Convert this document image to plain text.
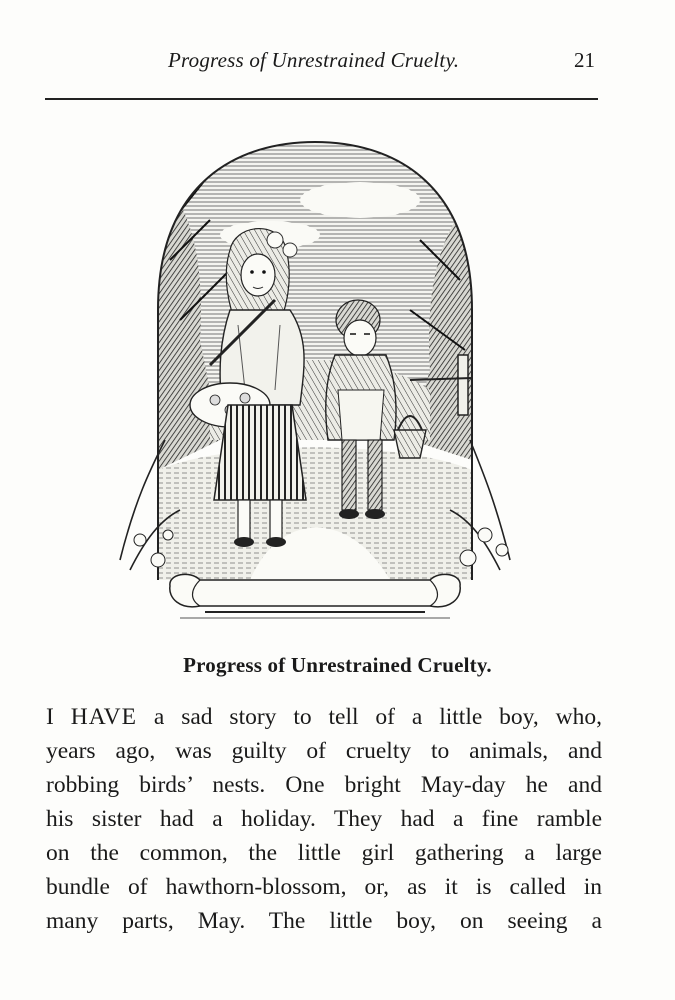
Progress of Unrestrained Cruelty.	21
Progress of Unrestrained Cruelty.
I HAVE a sad story to tell of a little boy, who,
years ago, was guilty of cruelty to animals, and
robbing birds’ nests. One bright May-day he and
his sister had a holiday. They had a fine ramble
on the common, the little girl gathering a large
bundle of hawthorn-blossom, or, as it is called in
many parts, May. The little boy, on seeing a
